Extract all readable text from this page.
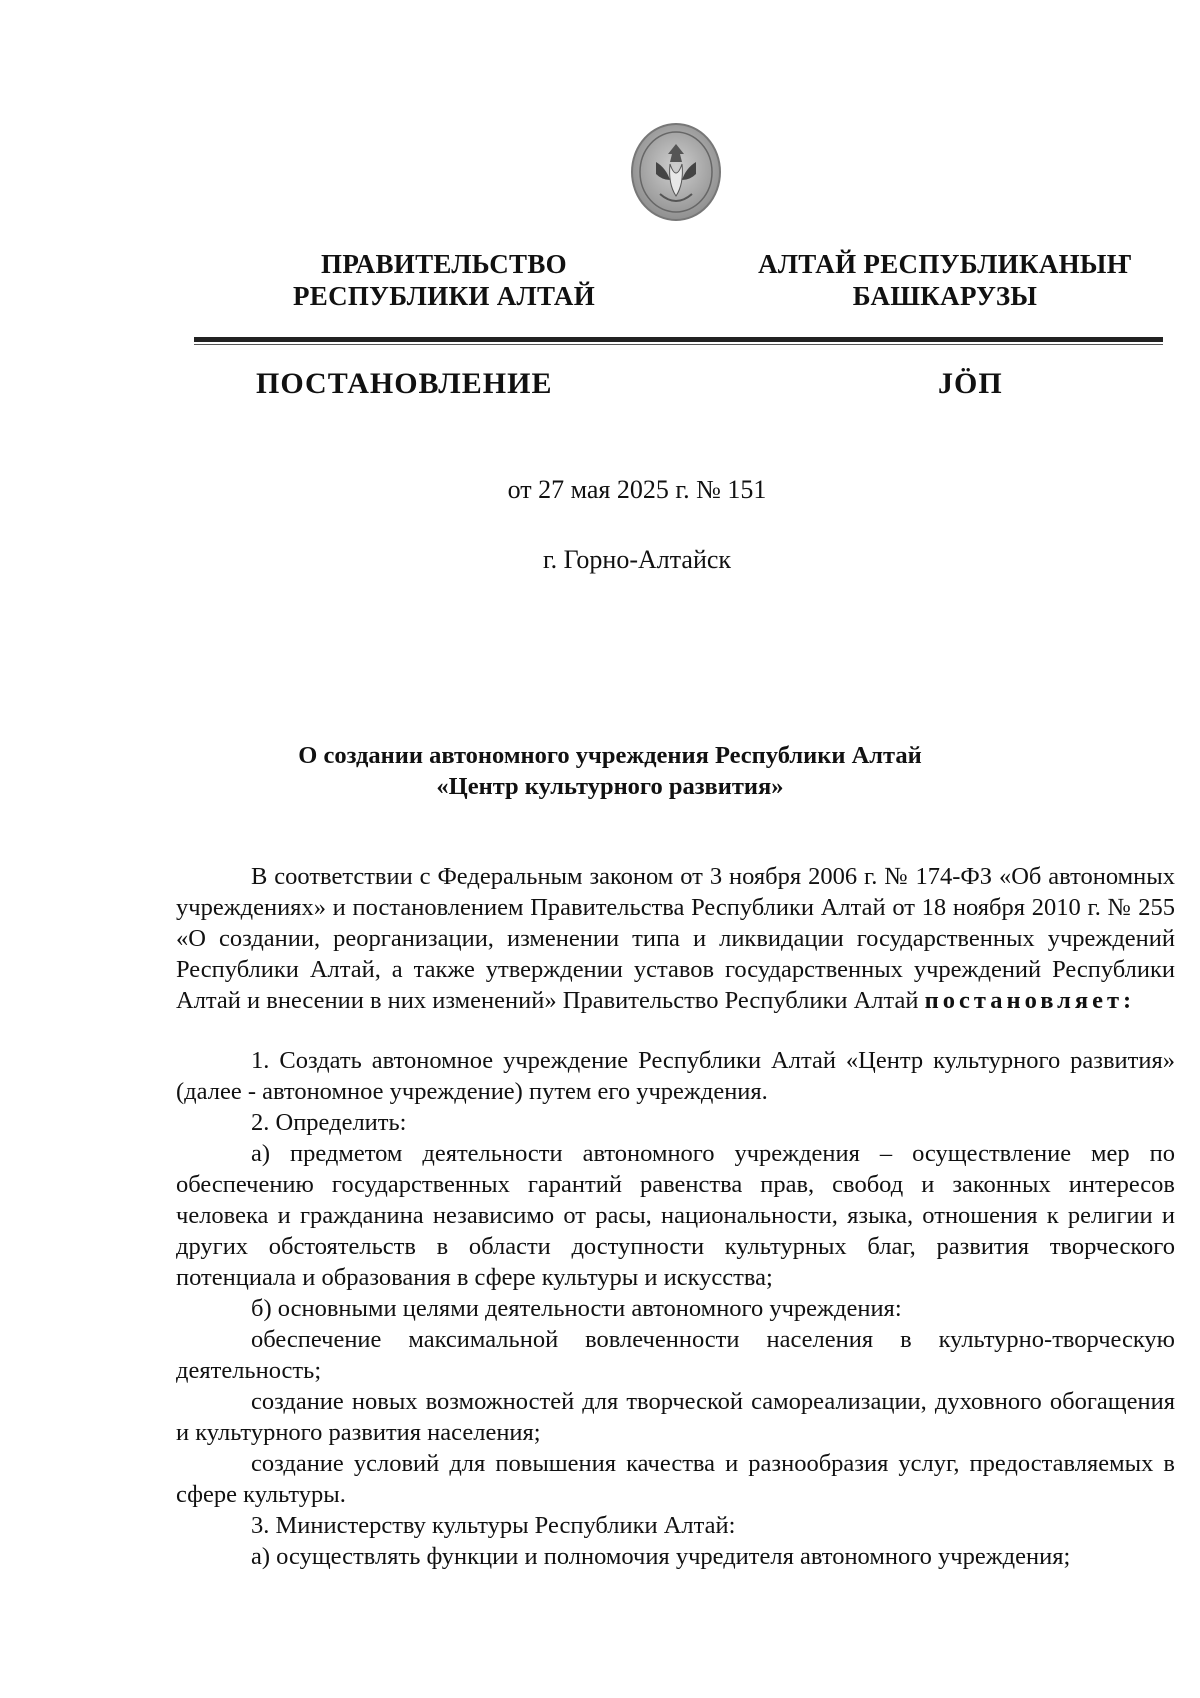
ПРАВИТЕЛЬСТВО
РЕСПУБЛИКИ АЛТАЙ
АЛТАЙ РЕСПУБЛИКАНЫҤ
БАШКАРУЗЫ
ПОСТАНОВЛЕНИЕ	ЈӦП
от 27 мая 2025 г. № 151
г. Горно-Алтайск
О создании автономного учреждения Республики Алтай
«Центр культурного развития»

В соответствии с Федеральным законом от 3 ноября 2006 г. № 174-ФЗ «Об автономных учреждениях» и постановлением Правительства Республики Алтай от 18 ноября 2010 г. № 255 «О создании, реорганизации, изменении типа и ликвидации государственных учреждений Республики Алтай, а также утверждении уставов государственных учреждений Республики Алтай и внесении в них изменений» Правительство Республики Алтай постановляет:

1. Создать автономное учреждение Республики Алтай «Центр культурного развития» (далее - автономное учреждение) путем его учреждения.

2. Определить:

а) предметом деятельности автономного учреждения – осуществление мер по обеспечению государственных гарантий равенства прав, свобод и законных интересов человека и гражданина независимо от расы, национальности, языка, отношения к религии и других обстоятельств в области доступности культурных благ, развития творческого потенциала и образования в сфере культуры и искусства;

б) основными целями деятельности автономного учреждения:

обеспечение максимальной вовлеченности населения в культурно-творческую деятельность;

создание новых возможностей для творческой самореализации, духовного обогащения и культурного развития населения;

создание условий для повышения качества и разнообразия услуг, предоставляемых в сфере культуры.

3. Министерству культуры Республики Алтай:

а) осуществлять функции и полномочия учредителя автономного учреждения;
